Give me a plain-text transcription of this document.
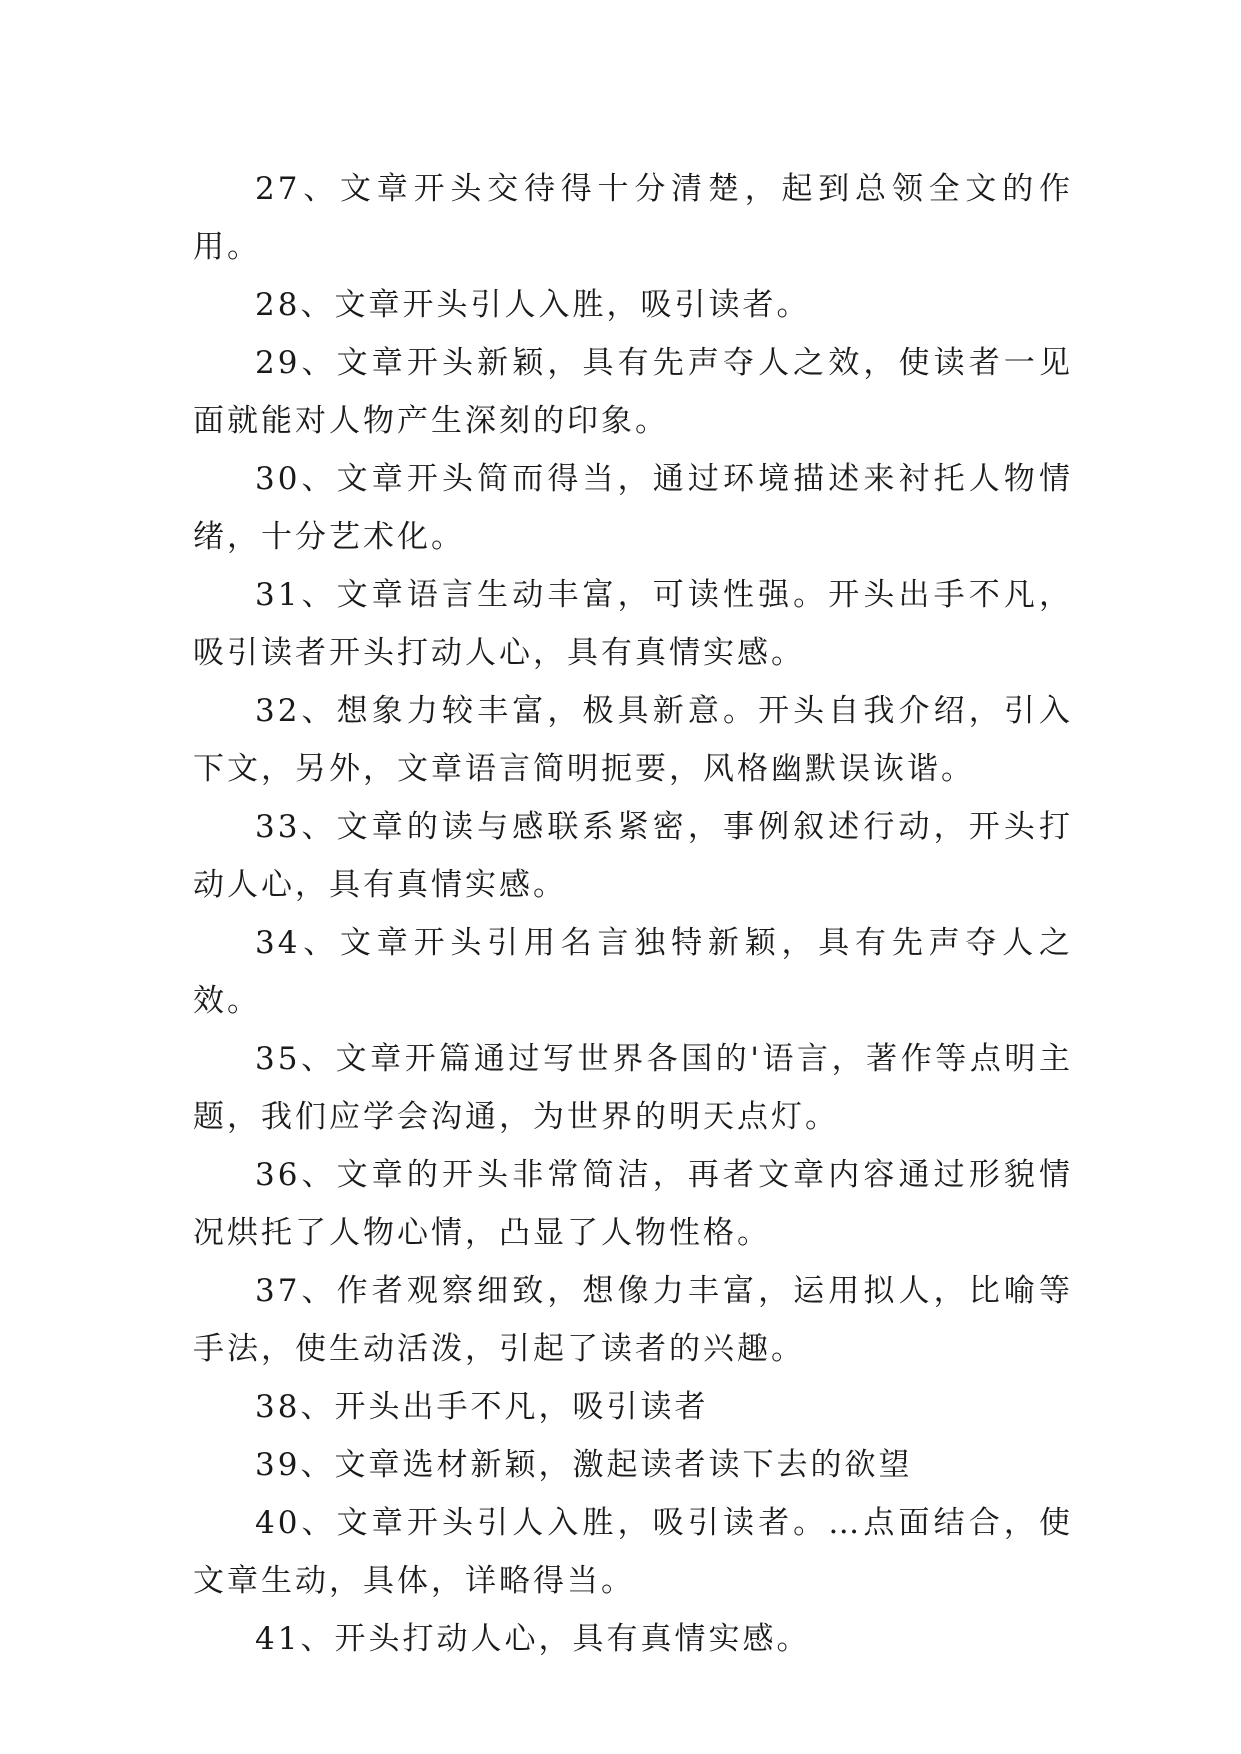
27、文章开头交待得十分清楚，起到总领全文的作用。

28、文章开头引人入胜，吸引读者。

29、文章开头新颖，具有先声夺人之效，使读者一见面就能对人物产生深刻的印象。

30、文章开头简而得当，通过环境描述来衬托人物情绪，十分艺术化。

31、文章语言生动丰富，可读性强。开头出手不凡，吸引读者开头打动人心，具有真情实感。

32、想象力较丰富，极具新意。开头自我介绍，引入下文，另外，文章语言简明扼要，风格幽默误诙谐。

33、文章的读与感联系紧密，事例叙述行动，开头打动人心，具有真情实感。

34、文章开头引用名言独特新颖，具有先声夺人之效。

35、文章开篇通过写世界各国的'语言，著作等点明主题，我们应学会沟通，为世界的明天点灯。

36、文章的开头非常简洁，再者文章内容通过形貌情况烘托了人物心情，凸显了人物性格。

37、作者观察细致，想像力丰富，运用拟人，比喻等手法，使生动活泼，引起了读者的兴趣。

38、开头出手不凡，吸引读者

39、文章选材新颖，激起读者读下去的欲望

40、文章开头引人入胜，吸引读者。…点面结合，使文章生动，具体，详略得当。

41、开头打动人心，具有真情实感。
